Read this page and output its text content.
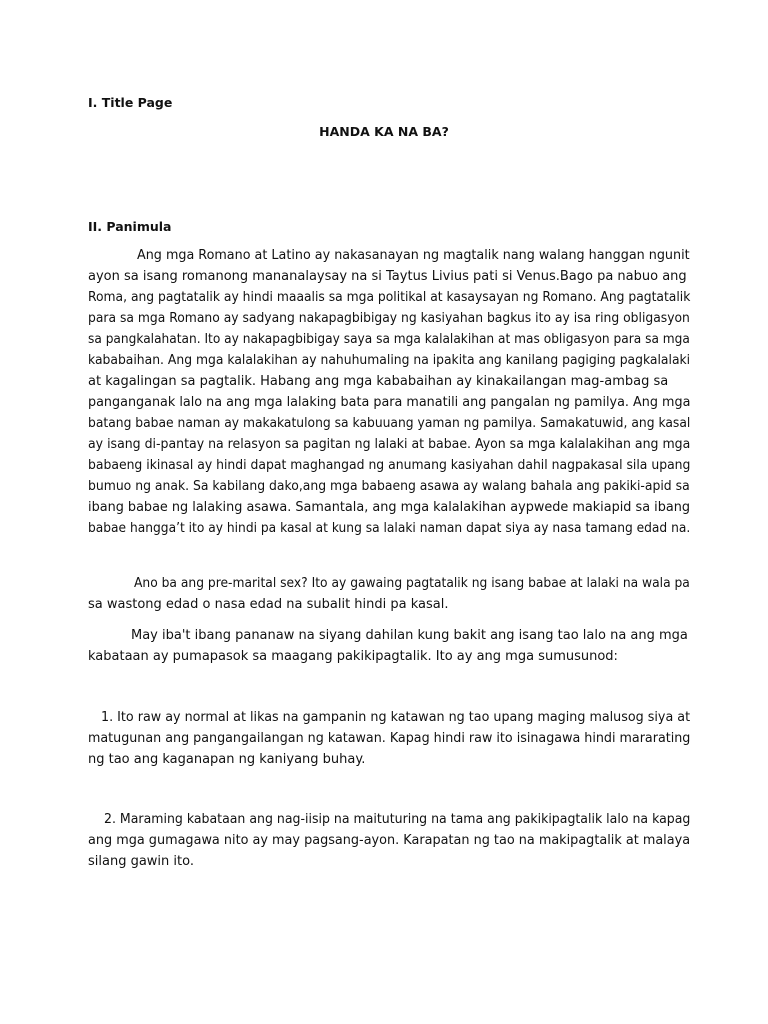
I. Title Page
HANDA KA NA BA?
II. Panimula
Ang mga Romano at Latino ay nakasanayan ng magtalik nang walang hanggan ngunit
ayon sa isang romanong mananalaysay na si Taytus Livius pati si Venus.Bago pa nabuo ang
Roma, ang pagtatalik ay hindi maaalis sa mga politikal at kasaysayan ng Romano. Ang pagtatalik
para sa mga Romano ay sadyang nakapagbibigay ng kasiyahan bagkus ito ay isa ring obligasyon
sa pangkalahatan. Ito ay nakapagbibigay saya sa mga kalalakihan at mas obligasyon para sa mga
kababaihan. Ang mga kalalakihan ay nahuhumaling na ipakita ang kanilang pagiging pagkalalaki
at kagalingan sa pagtalik. Habang ang mga kababaihan ay kinakailangan mag-ambag sa
panganganak lalo na ang mga lalaking bata para manatili ang pangalan ng pamilya. Ang mga
batang babae naman ay makakatulong sa kabuuang yaman ng pamilya. Samakatuwid, ang kasal
ay isang di-pantay na relasyon sa pagitan ng lalaki at babae. Ayon sa mga kalalakihan ang mga
babaeng ikinasal ay hindi dapat maghangad ng anumang kasiyahan dahil nagpakasal sila upang
bumuo ng anak. Sa kabilang dako,ang mga babaeng asawa ay walang bahala ang pakiki-apid sa
ibang babae ng lalaking asawa. Samantala, ang mga kalalakihan aypwede makiapid sa ibang
babae hangga’t ito ay hindi pa kasal at kung sa lalaki naman dapat siya ay nasa tamang edad na.
Ano ba ang pre-marital sex? Ito ay gawaing pagtatalik ng isang babae at lalaki na wala pa
sa wastong edad o nasa edad na subalit hindi pa kasal.
May iba't ibang pananaw na siyang dahilan kung bakit ang isang tao lalo na ang mga
kabataan ay pumapasok sa maagang pakikipagtalik. Ito ay ang mga sumusunod:
1. Ito raw ay normal at likas na gampanin ng katawan ng tao upang maging malusog siya at
matugunan ang pangangailangan ng katawan. Kapag hindi raw ito isinagawa hindi mararating
ng tao ang kaganapan ng kaniyang buhay.
2. Maraming kabataan ang nag-iisip na maituturing na tama ang pakikipagtalik lalo na kapag
ang mga gumagawa nito ay may pagsang-ayon. Karapatan ng tao na makipagtalik at malaya
silang gawin ito.
